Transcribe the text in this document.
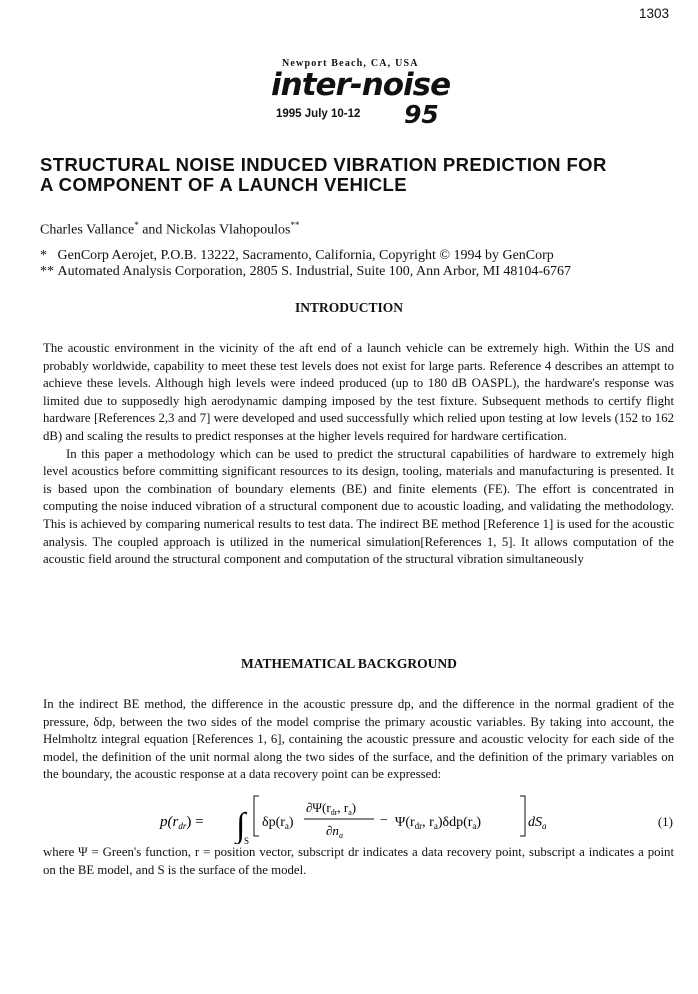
1303
Newport Beach, CA, USA
inter-noise
1995 July 10-12 95
STRUCTURAL NOISE INDUCED VIBRATION PREDICTION FOR
A COMPONENT OF A LAUNCH VEHICLE
Charles Vallance* and Nickolas Vlahopoulos**
* GenCorp Aerojet, P.O.B. 13222, Sacramento, California, Copyright © 1994 by GenCorp
** Automated Analysis Corporation, 2805 S. Industrial, Suite 100, Ann Arbor, MI 48104-6767
INTRODUCTION

The acoustic environment in the vicinity of the aft end of a launch vehicle can be extremely high. Within the US and probably worldwide, capability to meet these test levels does not exist for large parts. Reference 4 describes an attempt to achieve these levels. Although high levels were indeed produced (up to 180 dB OASPL), the hardware's response was limited due to supposedly high aerodynamic damping imposed by the test fixture. Subsequent methods to certify flight hardware [References 2,3 and 7] were developed and used successfully which relied upon testing at low levels (152 to 162 dB) and scaling the results to predict responses at the higher levels required for hardware certification.

In this paper a methodology which can be used to predict the structural capabilities of hardware to extremely high level acoustics before committing significant resources to its design, tooling, materials and manufacturing is presented. It is based upon the combination of boundary elements (BE) and finite elements (FE). The effort is concentrated in computing the noise induced vibration of a structural component due to acoustic loading, and validating the methodology. This is achieved by comparing numerical results to test data. The indirect BE method [Reference 1] is used for the acoustic analysis. The coupled approach is utilized in the numerical simulation[References 1, 5]. It allows computation of the acoustic field around the structural component and computation of the structural vibration simultaneously

MATHEMATICAL BACKGROUND

In the indirect BE method, the difference in the acoustic pressure dp, and the difference in the normal gradient of the pressure, δdp, between the two sides of the model comprise the primary acoustic variables. By taking into account, the Helmholtz integral equation [References 1, 6], containing the acoustic pressure and acoustic velocity for each side of the model, the definition of the unit normal along the two sides of the surface, and the definition of the primary variables on the boundary, the acoustic response at a data recovery point can be expressed:

$p(r_{dr})$ = ∫
S
$\delta p(r_a)$
$\partial\Psi(r_{dr}$, $r_a$)
$\partial n_a$
− $\Psi(r_{dr}$, $r_a)\delta dp(r_a)$	$dS_a$	(1)

where Ψ = Green's function, r = position vector, subscript dr indicates a data recovery point, subscript a indicates a point on the BE model, and S is the surface of the model.
